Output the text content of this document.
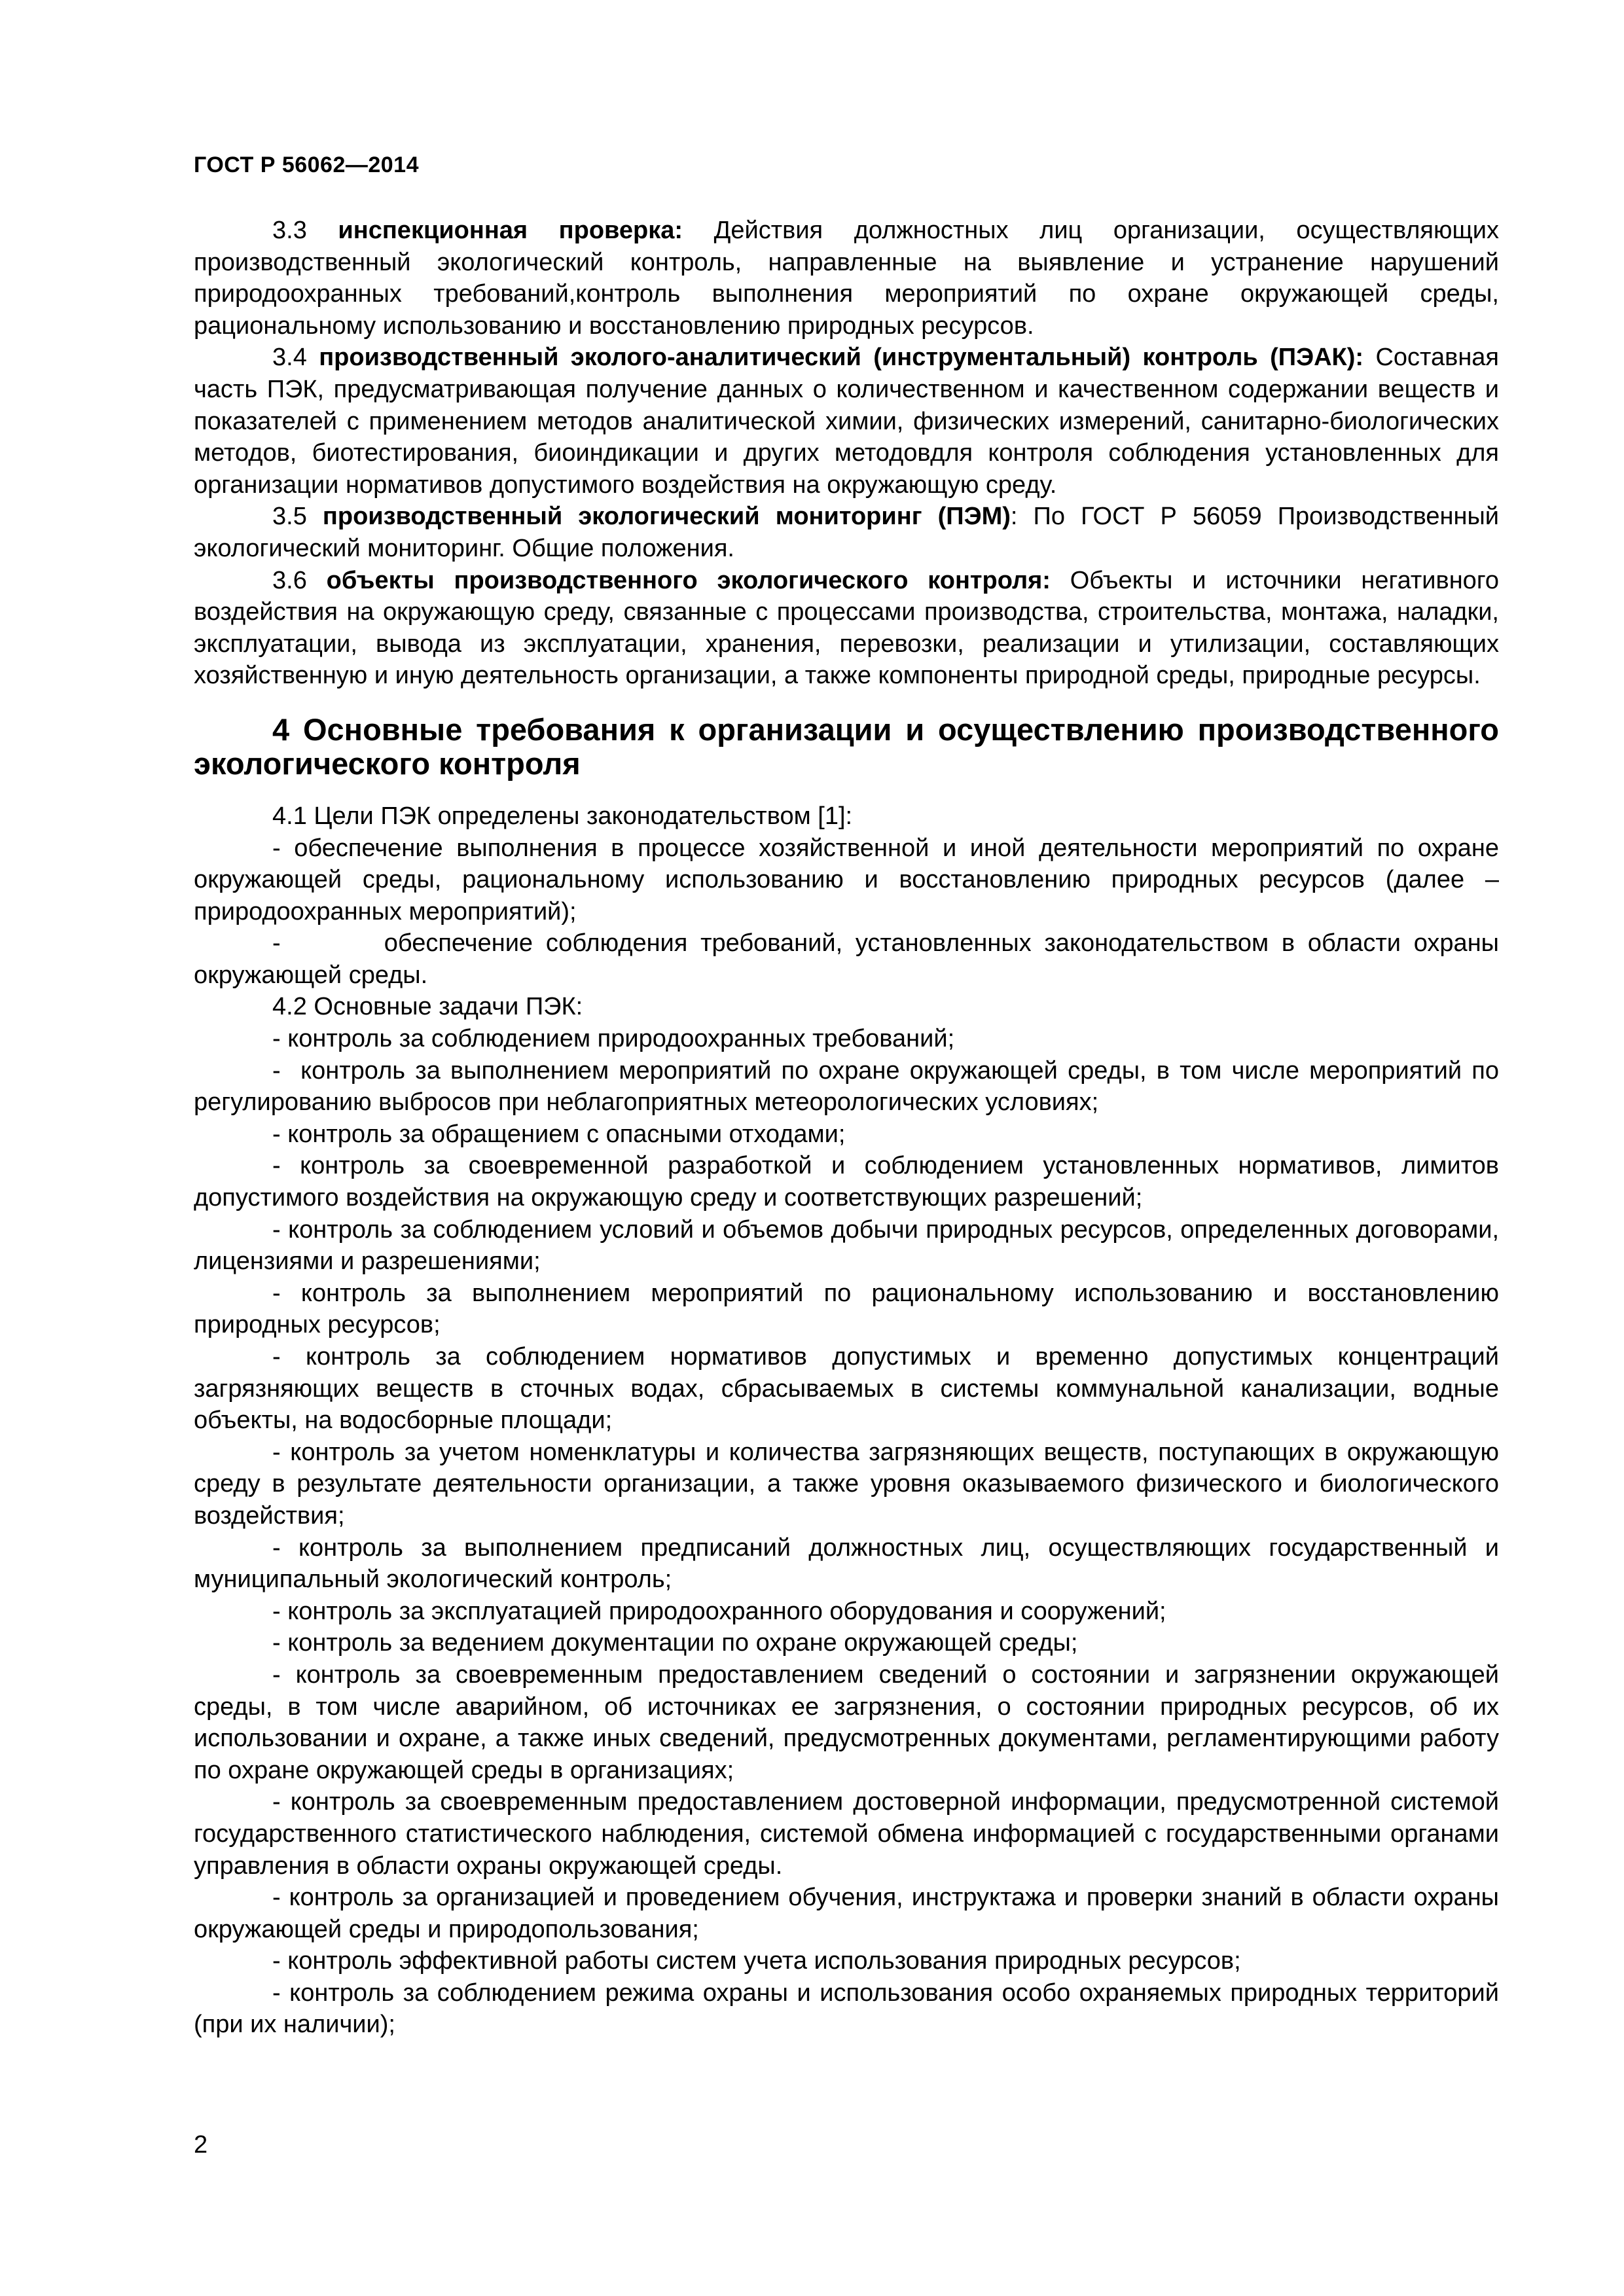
ГОСТ Р 56062—2014

3.3 инспекционная проверка: Действия должностных лиц организации, осуществляющих производственный экологический контроль, направленные на выявление и устранение нарушений природоохранных требований,контроль выполнения мероприятий по охране окружающей среды, рациональному использованию и восстановлению природных ресурсов.

3.4 производственный эколого-аналитический (инструментальный) контроль (ПЭАК): Составная часть ПЭК, предусматривающая получение данных о количественном и качественном содержании веществ и показателей с применением методов аналитической химии, физических измерений, санитарно-биологических методов, биотестирования, биоиндикации и других методовдля контроля соблюдения установленных для организации нормативов допустимого воздействия на окружающую среду.

3.5 производственный экологический мониторинг (ПЭМ): По ГОСТ Р 56059 Производственный экологический мониторинг. Общие положения.

3.6 объекты производственного экологического контроля: Объекты и источники негативного воздействия на окружающую среду, связанные с процессами производства, строительства, монтажа, наладки, эксплуатации, вывода из эксплуатации, хранения, перевозки, реализации и утилизации, составляющих хозяйственную и иную деятельность организации, а также компоненты природной среды, природные ресурсы.

4 Основные требования к организации и осуществлению производственного экологического контроля

4.1 Цели ПЭК определены законодательством [1]:

- обеспечение выполнения в процессе хозяйственной и иной деятельности мероприятий по охране окружающей среды, рациональному использованию и восстановлению природных ресурсов (далее –природоохранных мероприятий);

-        обеспечение соблюдения требований, установленных законодательством в области охраны окружающей среды.

4.2 Основные задачи ПЭК:

- контроль за соблюдением природоохранных требований;

-  контроль за выполнением мероприятий по охране окружающей среды, в том числе мероприятий по регулированию выбросов при неблагоприятных метеорологических условиях;

- контроль за обращением с опасными отходами;

- контроль за своевременной разработкой и соблюдением установленных нормативов, лимитов допустимого воздействия на окружающую среду и соответствующих разрешений;

- контроль за соблюдением условий и объемов добычи природных ресурсов, определенных договорами, лицензиями и разрешениями;

- контроль за выполнением мероприятий по рациональному использованию и восстановлению природных ресурсов;

- контроль за соблюдением нормативов допустимых и временно допустимых концентраций загрязняющих веществ в сточных водах, сбрасываемых в системы коммунальной канализации, водные объекты, на водосборные площади;

- контроль за учетом номенклатуры и количества загрязняющих веществ, поступающих в окружающую среду в результате деятельности организации, а также уровня оказываемого физического и биологического воздействия;

- контроль за выполнением предписаний должностных лиц, осуществляющих государственный и муниципальный экологический контроль;

- контроль за эксплуатацией природоохранного оборудования и сооружений;

- контроль за ведением документации по охране окружающей среды;

- контроль за своевременным предоставлением сведений о состоянии и загрязнении окружающей среды, в том числе аварийном, об источниках ее загрязнения, о состоянии природных ресурсов, об их использовании и охране, а также иных сведений, предусмотренных документами, регламентирующими работу по охране окружающей среды в организациях;

- контроль за своевременным предоставлением достоверной информации, предусмотренной системой государственного статистического наблюдения, системой обмена информацией с государственными органами управления в области охраны окружающей среды.

- контроль за организацией и проведением обучения, инструктажа и проверки знаний в области охраны окружающей среды и природопользования;

- контроль эффективной работы систем учета использования природных ресурсов;

- контроль за соблюдением режима охраны и использования особо охраняемых природных территорий (при их наличии);

2
